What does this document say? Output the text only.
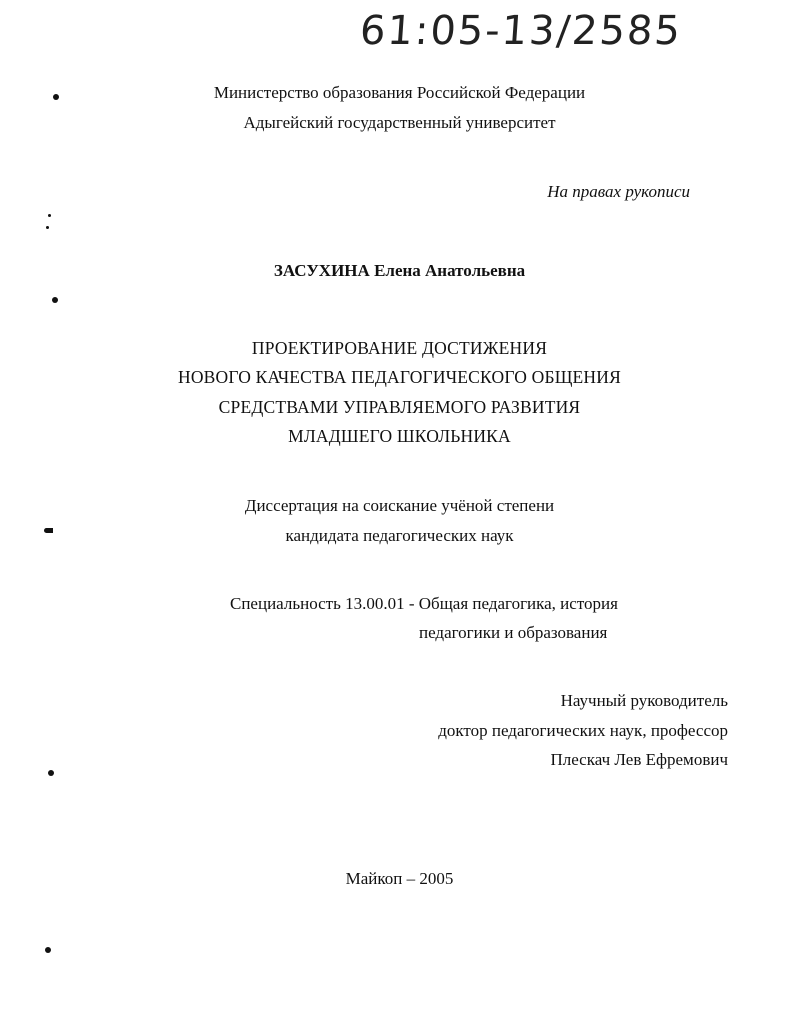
61:05-13/2585
Министерство образования Российской Федерации
Адыгейский государственный университет
На правах рукописи
ЗАСУХИНА Елена Анатольевна
ПРОЕКТИРОВАНИЕ ДОСТИЖЕНИЯ
НОВОГО КАЧЕСТВА ПЕДАГОГИЧЕСКОГО ОБЩЕНИЯ
СРЕДСТВАМИ УПРАВЛЯЕМОГО РАЗВИТИЯ
МЛАДШЕГО ШКОЛЬНИКА
Диссертация на соискание учёной степени
кандидата педагогических наук
Специальность 13.00.01 - Общая педагогика, история
педагогики и образования
Научный руководитель
доктор педагогических наук, профессор
Плескач Лев Ефремович
Майкоп – 2005
